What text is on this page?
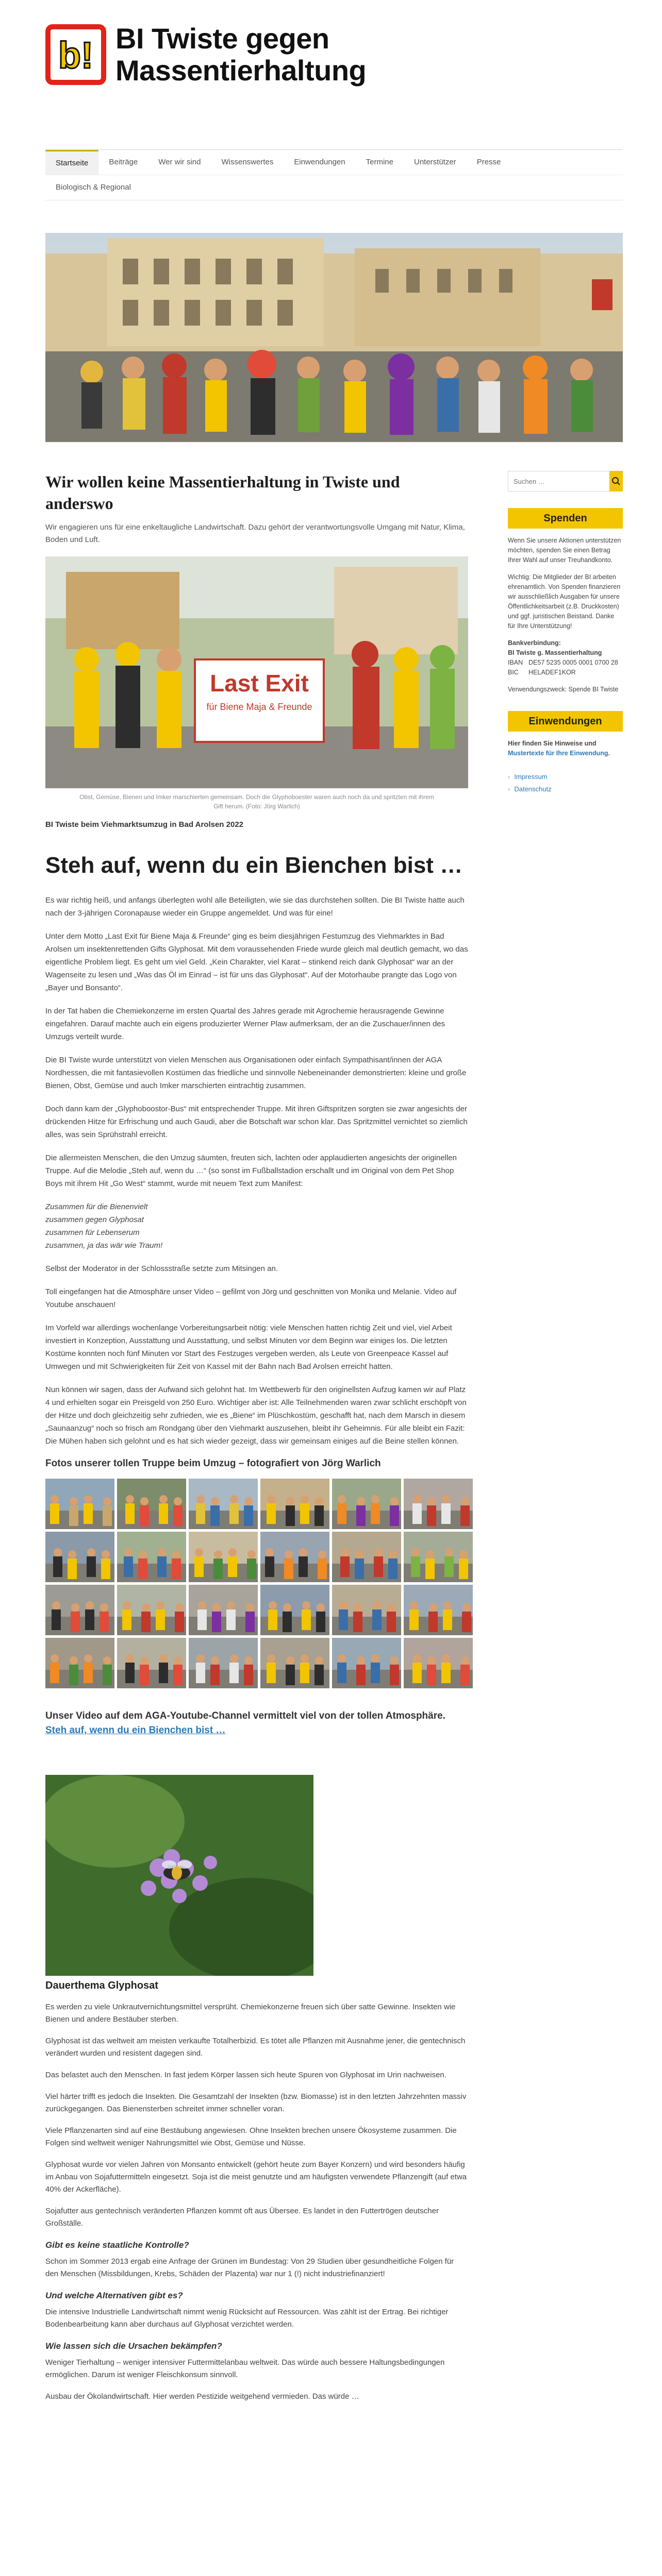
b! BI Twiste gegen
Massentierhaltung
Startseite	Beiträge	Wer wir sind	Wissenswertes	Einwendungen	Termine	Unterstützer	Presse
Biologisch & Regional
Wir wollen keine Massentierhaltung in Twiste und anderswo

Wir engagieren uns für eine enkeltaugliche Landwirtschaft. Dazu gehört der verantwortungsvolle Umgang mit Natur, Klima, Boden und Luft.

Last Exit
für Biene Maja & Freunde

Obst, Gemüse, Bienen und Imker marschierten gemeinsam. Doch die Glyphoboester waren auch noch da und spritzten mit ihrem Gift herum. (Foto: Jörg Warlich)

BI Twiste beim Viehmarktsumzug in Bad Arolsen 2022

Steh auf, wenn du ein Bienchen bist …

Es war richtig heiß, und anfangs überlegten wohl alle Beteiligten, wie sie das durchstehen sollten. Die BI Twiste hatte auch nach der 3-jährigen Coronapause wieder ein Gruppe angemeldet. Und was für eine!

Unter dem Motto „Last Exit für Biene Maja & Freunde“ ging es beim diesjährigen Festumzug des Viehmarktes in Bad Arolsen um insektenrettenden Gifts Glyphosat. Mit dem voraussehenden Friede wurde gleich mal deutlich gemacht, wo das eigentliche Problem liegt. Es geht um viel Geld. „Kein Charakter, viel Karat – stinkend reich dank Glyphosat“ war an der Wagenseite zu lesen und „Was das Öl im Einrad – ist für uns das Glyphosat“. Auf der Motorhaube prangte das Logo von „Bayer und Bonsanto“.

In der Tat haben die Chemiekonzerne im ersten Quartal des Jahres gerade mit Agrochemie herausragende Gewinne eingefahren. Darauf machte auch ein eigens produzierter Werner Plaw aufmerksam, der an die Zuschauer/innen des Umzugs verteilt wurde.

Die BI Twiste wurde unterstützt von vielen Menschen aus Organisationen oder einfach Sympathisant/innen der AGA Nordhessen, die mit fantasievollen Kostümen das friedliche und sinnvolle Nebeneinander demonstrierten: kleine und große Bienen, Obst, Gemüse und auch Imker marschierten eintrachtig zusammen.

Doch dann kam der „Glyphoboostor-Bus“ mit entsprechender Truppe. Mit ihren Giftspritzen sorgten sie zwar angesichts der drückenden Hitze für Erfrischung und auch Gaudi, aber die Botschaft war schon klar. Das Spritzmittel vernichtet so ziemlich alles, was sein Sprühstrahl erreicht.

Die allermeisten Menschen, die den Umzug säumten, freuten sich, lachten oder applaudierten angesichts der originellen Truppe. Auf die Melodie „Steh auf, wenn du …“ (so sonst im Fußballstadion erschallt und im Original von dem Pet Shop Boys mit ihrem Hit „Go West“ stammt, wurde mit neuem Text zum Manifest:

Zusammen für die Bienenvielt
zusammen gegen Glyphosat
zusammen für Lebenserum
zusammen, ja das wär wie Traum!

Selbst der Moderator in der Schlossstraße setzte zum Mitsingen an.

Toll eingefangen hat die Atmosphäre unser Video – gefilmt von Jörg und geschnitten von Monika und Melanie. Video auf Youtube anschauen!

Im Vorfeld war allerdings wochenlange Vorbereitungsarbeit nötig: viele Menschen hatten richtig Zeit und viel, viel Arbeit investiert in Konzeption, Ausstattung und Ausstattung, und selbst Minuten vor dem Beginn war einiges los. Die letzten Kostüme konnten noch fünf Minuten vor Start des Festzuges vergeben werden, als Leute von Greenpeace Kassel auf Umwegen und mit Schwierigkeiten für Zeit von Kassel mit der Bahn nach Bad Arolsen erreicht hatten.

Nun können wir sagen, dass der Aufwand sich gelohnt hat. Im Wettbewerb für den originellsten Aufzug kamen wir auf Platz 4 und erhielten sogar ein Preisgeld von 250 Euro. Wichtiger aber ist: Alle Teilnehmenden waren zwar schlicht erschöpft von der Hitze und doch gleichzeitig sehr zufrieden, wie es „Biene“ im Plüschkostüm, geschafft hat, nach dem Marsch in diesem „Saunaanzug“ noch so frisch am Rondgang über den Viehmarkt auszusehen, bleibt ihr Geheimnis. Für alle bleibt ein Fazit: Die Mühen haben sich gelohnt und es hat sich wieder gezeigt, dass wir gemeinsam einiges auf die Beine stellen können.

Fotos unserer tollen Truppe beim Umzug – fotografiert von Jörg Warlich

Unser Video auf dem AGA-Youtube-Channel vermittelt viel von der tollen Atmosphäre. Steh auf, wenn du ein Bienchen bist …

Dauerthema Glyphosat

Es werden zu viele Unkrautvernichtungsmittel versprüht. Chemiekonzerne freuen sich über satte Gewinne. Insekten wie Bienen und andere Bestäuber sterben.

Glyphosat ist das weltweit am meisten verkaufte Totalherbizid. Es tötet alle Pflanzen mit Ausnahme jener, die gentechnisch verändert wurden und resistent dagegen sind.

Das belastet auch den Menschen. In fast jedem Körper lassen sich heute Spuren von Glyphosat im Urin nachweisen.

Viel härter trifft es jedoch die Insekten. Die Gesamtzahl der Insekten (bzw. Biomasse) ist in den letzten Jahrzehnten massiv zurückgegangen. Das Bienensterben schreitet immer schneller voran.

Viele Pflanzenarten sind auf eine Bestäubung angewiesen. Ohne Insekten brechen unsere Ökosysteme zusammen. Die Folgen sind weltweit weniger Nahrungsmittel wie Obst, Gemüse und Nüsse.

Glyphosat wurde vor vielen Jahren von Monsanto entwickelt (gehört heute zum Bayer Konzern) und wird besonders häufig im Anbau von Sojafuttermitteln eingesetzt. Soja ist die meist genutzte und am häufigsten verwendete Pflanzengift (auf etwa 40% der Ackerfläche).

Sojafutter aus gentechnisch veränderten Pflanzen kommt oft aus Übersee. Es landet in den Futtertrögen deutscher Großställe.

Gibt es keine staatliche Kontrolle?

Schon im Sommer 2013 ergab eine Anfrage der Grünen im Bundestag: Von 29 Studien über gesundheitliche Folgen für den Menschen (Missbildungen, Krebs, Schäden der Plazenta) war nur 1 (!) nicht industriefinanziert!

Und welche Alternativen gibt es?

Die intensive Industrielle Landwirtschaft nimmt wenig Rücksicht auf Ressourcen. Was zählt ist der Ertrag. Bei richtiger Bodenbearbeitung kann aber durchaus auf Glyphosat verzichtet werden.

Wie lassen sich die Ursachen bekämpfen?

Weniger Tierhaltung – weniger intensiver Futtermittelanbau weltweit. Das würde auch bessere Haltungsbedingungen ermöglichen. Darum ist weniger Fleischkonsum sinnvoll.

Ausbau der Ökolandwirtschaft. Hier werden Pestizide weitgehend vermieden. Das würde …

Suchen …
Spenden

Wenn Sie unsere Aktionen unterstützen möchten, spenden Sie einen Betrag Ihrer Wahl auf unser Treuhandkonto.

Wichtig: Die Mitglieder der BI arbeiten ehrenamtlich. Von Spenden finanzieren wir ausschließlich Ausgaben für unsere Öffentlichkeitsarbeit (z.B. Druckkosten) und ggf. juristischen Beistand. Danke für Ihre Unterstützung!

Bankverbindung:
BI Twiste g. Massentierhaltung
IBAN DE57 5235 0005 0001 0700 28
BIC	HELADEF1KOR

Verwendungszweck: Spende BI Twiste

Einwendungen

Hier finden Sie Hinweise und Mustertexte für Ihre Einwendung.

› Impressum
› Datenschutz
